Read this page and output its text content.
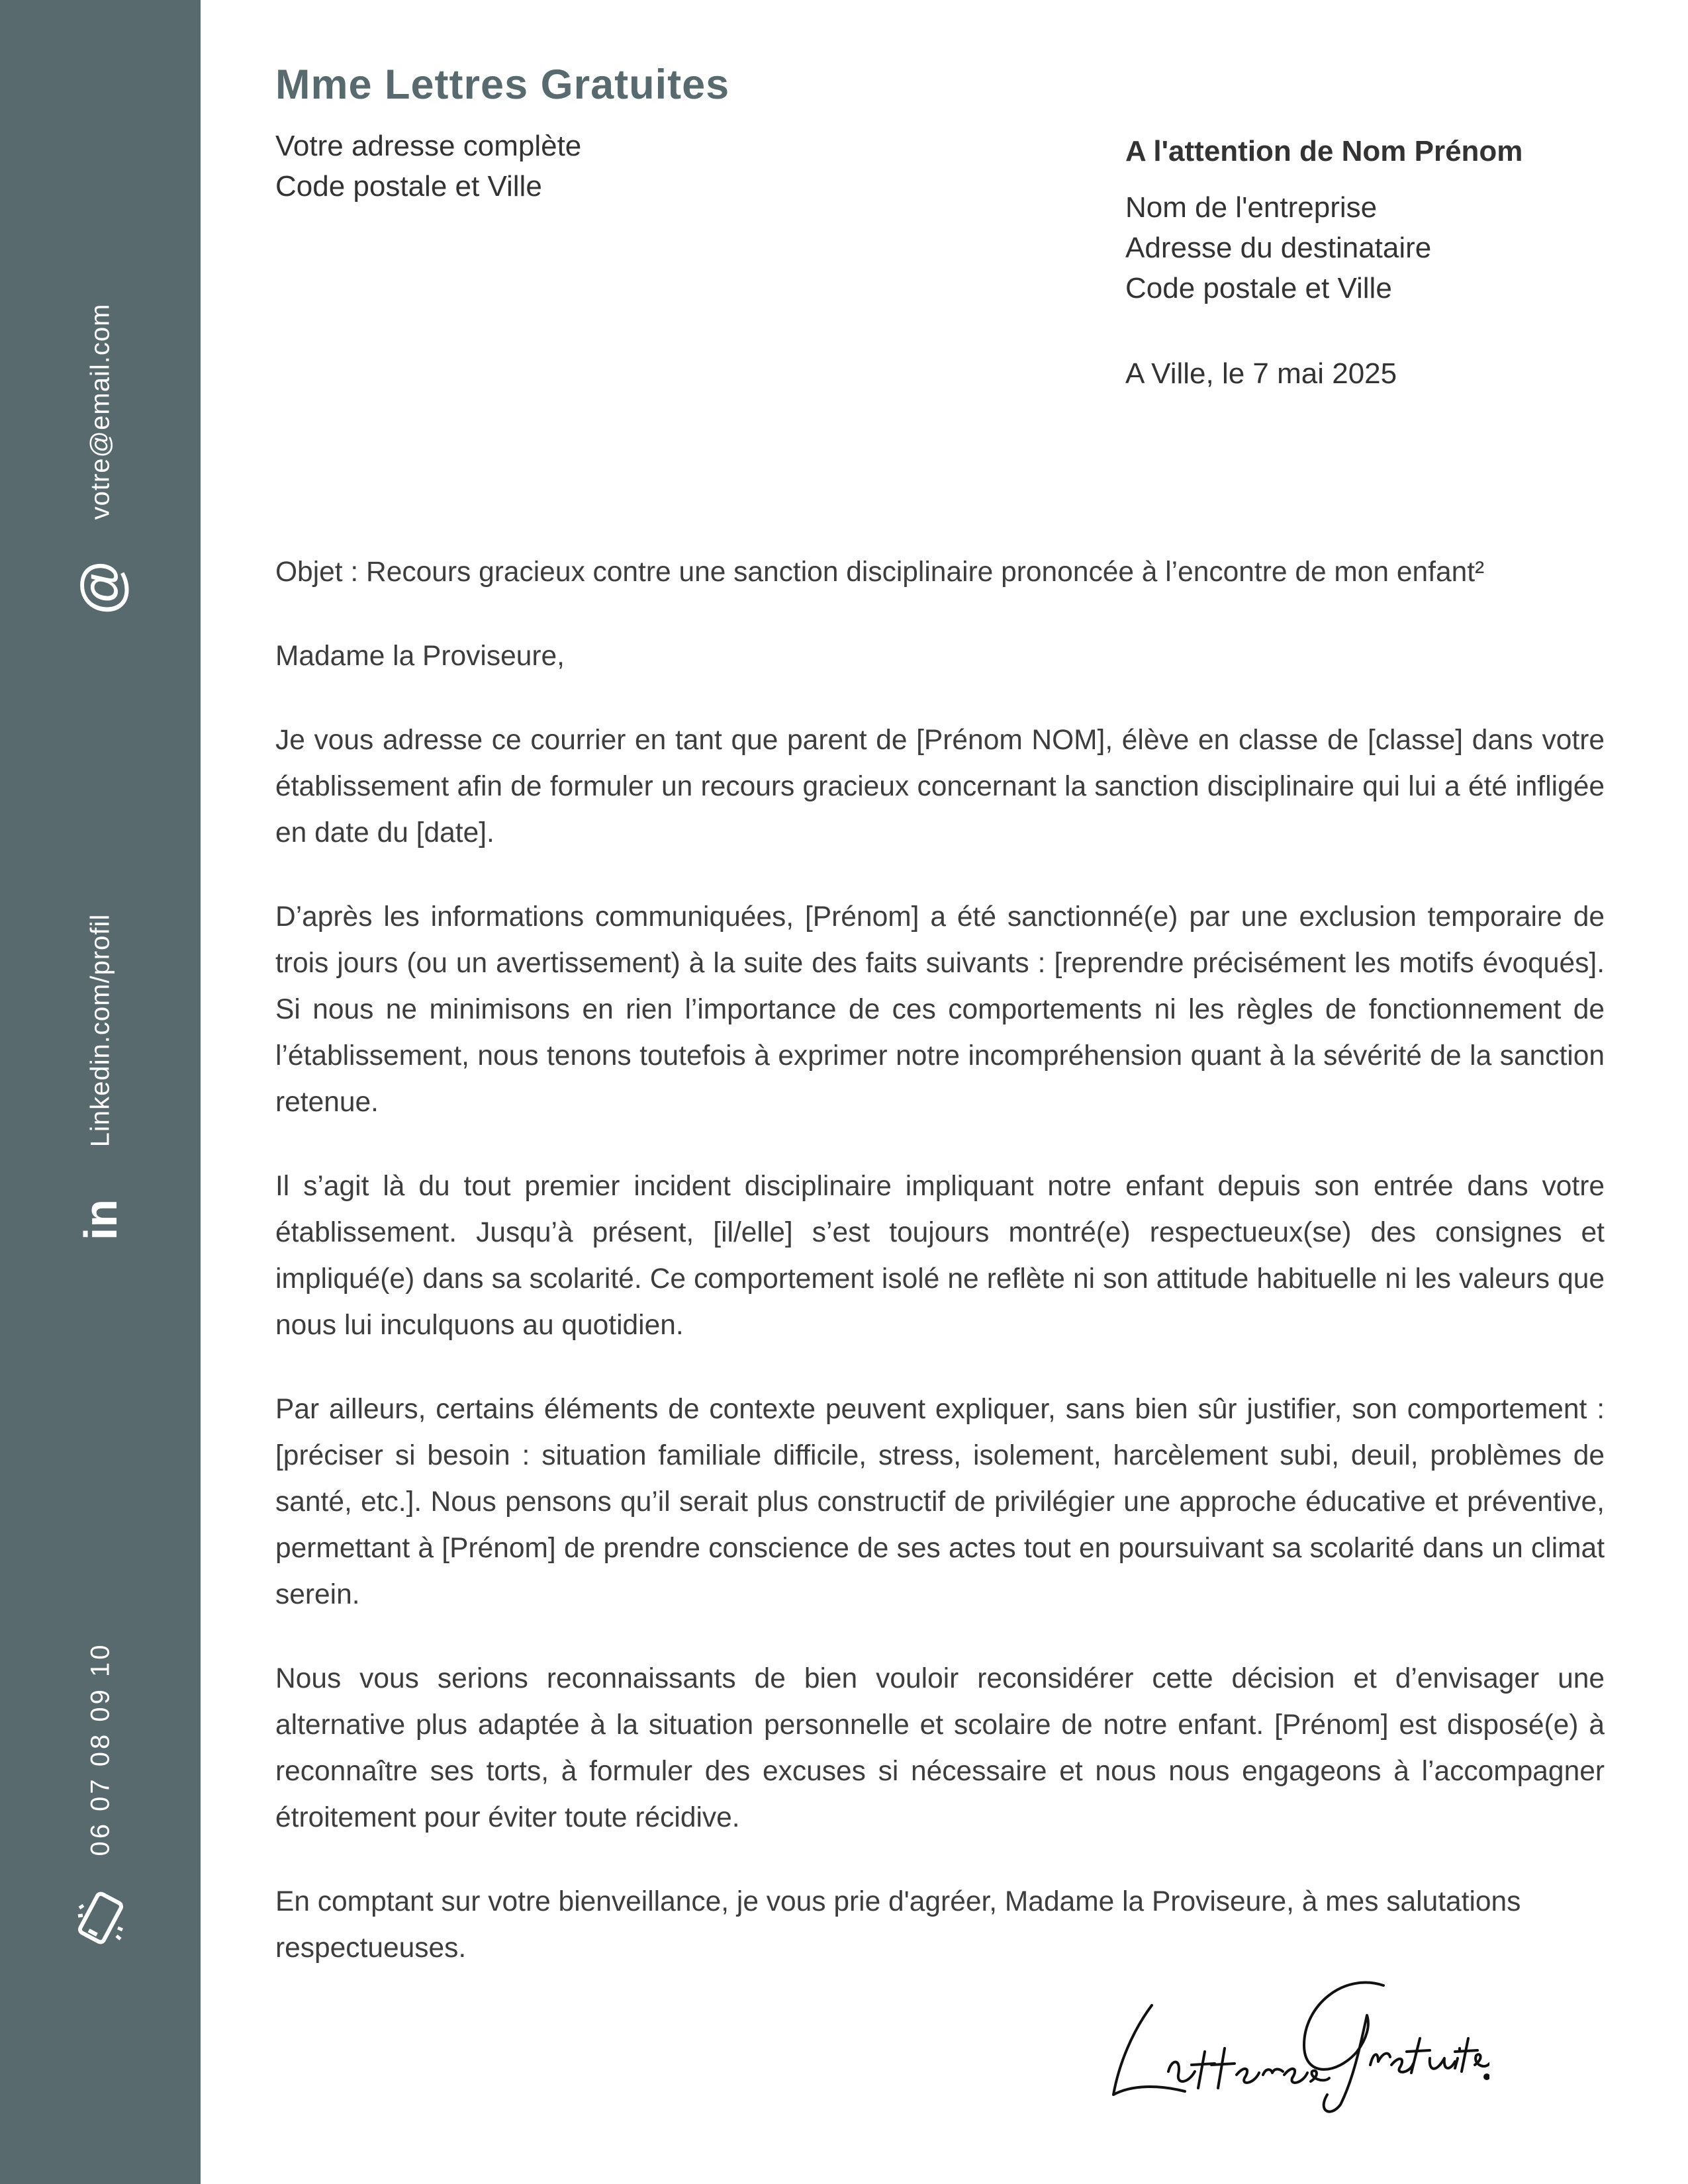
votre@email.com
@
Linkedin.com/profil
in
06 07 08 09 10
Mme Lettres Gratuites
Votre adresse complète
Code postale et Ville
A l'attention de Nom Prénom
Nom de l'entreprise
Adresse du destinataire
Code postale et Ville
A Ville, le 7 mai 2025

Objet : Recours gracieux contre une sanction disciplinaire prononcée à l’encontre de mon enfant²

Madame la Proviseure,

Je vous adresse ce courrier en tant que parent de [Prénom NOM], élève en classe de [classe] dans votre établissement afin de formuler un recours gracieux concernant la sanction disciplinaire qui lui a été infligée en date du [date].

D’après les informations communiquées, [Prénom] a été sanctionné(e) par une exclusion temporaire de trois jours (ou un avertissement) à la suite des faits suivants : [reprendre précisément les motifs évoqués]. Si nous ne minimisons en rien l’importance de ces comportements ni les règles de fonctionnement de l’établissement, nous tenons toutefois à exprimer notre incompréhension quant à la sévérité de la sanction retenue.

Il s’agit là du tout premier incident disciplinaire impliquant notre enfant depuis son entrée dans votre établissement. Jusqu’à présent, [il/elle] s’est toujours montré(e) respectueux(se) des consignes et impliqué(e) dans sa scolarité. Ce comportement isolé ne reflète ni son attitude habituelle ni les valeurs que nous lui inculquons au quotidien.

Par ailleurs, certains éléments de contexte peuvent expliquer, sans bien sûr justifier, son comportement : [préciser si besoin : situation familiale difficile, stress, isolement, harcèlement subi, deuil, problèmes de santé, etc.]. Nous pensons qu’il serait plus constructif de privilégier une approche éducative et préventive, permettant à [Prénom] de prendre conscience de ses actes tout en poursuivant sa scolarité dans un climat serein.

Nous vous serions reconnaissants de bien vouloir reconsidérer cette décision et d’envisager une alternative plus adaptée à la situation personnelle et scolaire de notre enfant. [Prénom] est disposé(e) à reconnaître ses torts, à formuler des excuses si nécessaire et nous nous engageons à l’accompagner étroitement pour éviter toute récidive.

En comptant sur votre bienveillance, je vous prie d'agréer, Madame la Proviseure, à mes salutations respectueuses.
